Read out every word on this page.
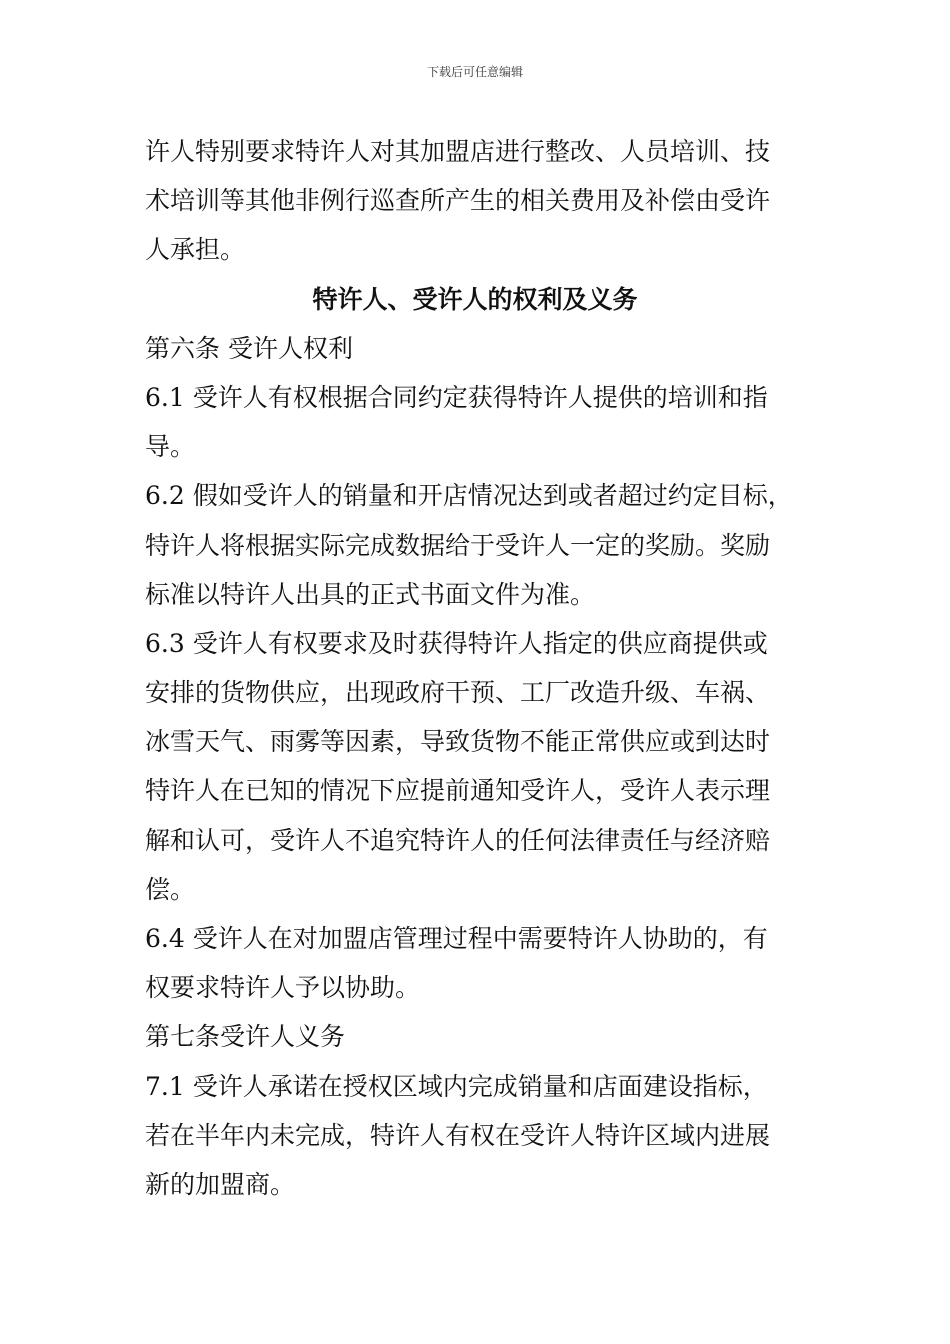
下载后可任意编辑
许人特别要求特许人对其加盟店进行整改、人员培训、技
术培训等其他非例行巡查所产生的相关费用及补偿由受许
人承担。
特许人、受许人的权利及义务
第六条 受许人权利
6.1 受许人有权根据合同约定获得特许人提供的培训和指
导。
6.2 假如受许人的销量和开店情况达到或者超过约定目标，
特许人将根据实际完成数据给于受许人一定的奖励。奖励
标准以特许人出具的正式书面文件为准。
6.3 受许人有权要求及时获得特许人指定的供应商提供或
安排的货物供应，出现政府干预、工厂改造升级、车祸、
冰雪天气、雨雾等因素，导致货物不能正常供应或到达时
特许人在已知的情况下应提前通知受许人，受许人表示理
解和认可，受许人不追究特许人的任何法律责任与经济赔
偿。
6.4 受许人在对加盟店管理过程中需要特许人协助的，有
权要求特许人予以协助。
第七条受许人义务
7.1 受许人承诺在授权区域内完成销量和店面建设指标，
若在半年内未完成，特许人有权在受许人特许区域内进展
新的加盟商。
